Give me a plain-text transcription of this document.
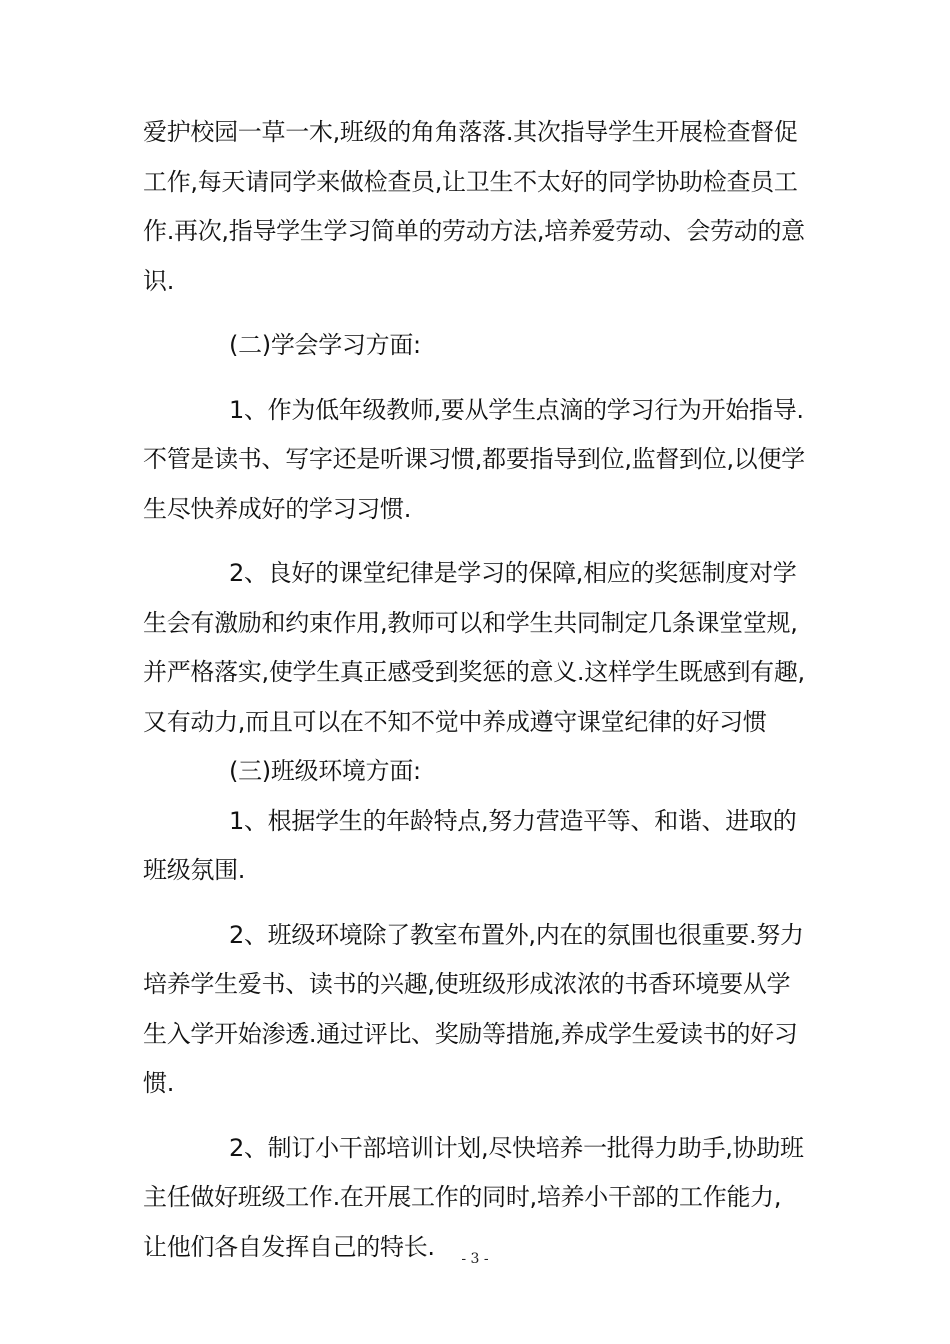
爱护校园一草一木,班级的角角落落.其次指导学生开展检查督促
工作,每天请同学来做检查员,让卫生不太好的同学协助检查员工
作.再次,指导学生学习简单的劳动方法,培养爱劳动、会劳动的意
识.
(二)学会学习方面:
1、作为低年级教师,要从学生点滴的学习行为开始指导.
不管是读书、写字还是听课习惯,都要指导到位,监督到位,以便学
生尽快养成好的学习习惯.
2、良好的课堂纪律是学习的保障,相应的奖惩制度对学
生会有激励和约束作用,教师可以和学生共同制定几条课堂堂规,
并严格落实,使学生真正感受到奖惩的意义.这样学生既感到有趣,
又有动力,而且可以在不知不觉中养成遵守课堂纪律的好习惯
(三)班级环境方面:
1、根据学生的年龄特点,努力营造平等、和谐、进取的
班级氛围.
2、班级环境除了教室布置外,内在的氛围也很重要.努力
培养学生爱书、读书的兴趣,使班级形成浓浓的书香环境要从学
生入学开始渗透.通过评比、奖励等措施,养成学生爱读书的好习
惯.
2、制订小干部培训计划,尽快培养一批得力助手,协助班
主任做好班级工作.在开展工作的同时,培养小干部的工作能力,
让他们各自发挥自己的特长.	- 3 -
